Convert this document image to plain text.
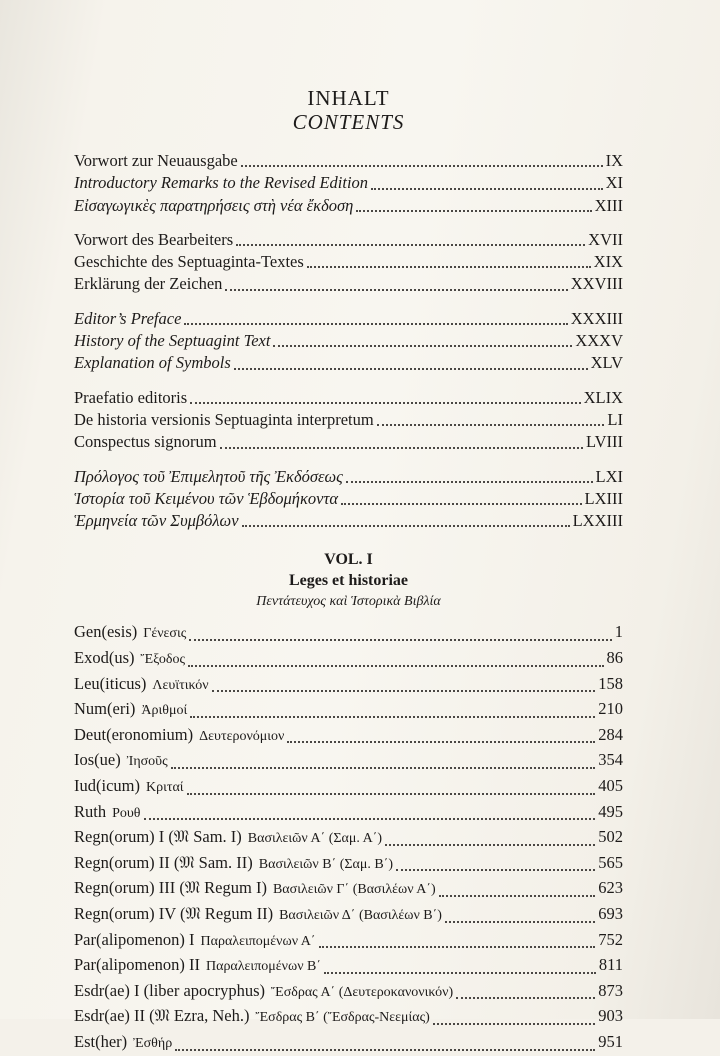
INHALT
CONTENTS
Vorwort zur Neuausgabe	IX
Introductory Remarks to the Revised Edition	XI
Εἰσαγωγικὲς παρατηρήσεις στὴ νέα ἔκδοση	XIII
Vorwort des Bearbeiters	XVII
Geschichte des Septuaginta-Textes	XIX
Erklärung der Zeichen	XXVIII
Editor’s Preface	XXXIII
History of the Septuagint Text	XXXV
Explanation of Symbols	XLV
Praefatio editoris	XLIX
De historia versionis Septuaginta interpretum	LI
Conspectus signorum	LVIII
Πρόλογος τοῦ Ἐπιμελητοῦ τῆς Ἐκδόσεως	LXI
Ἱστορία τοῦ Κειμένου τῶν Ἑβδομήκοντα	LXIII
Ἑρμηνεία τῶν Συμβόλων	LXXIII
VOL. I
Leges et historiae
Πεντάτευχος καὶ Ἱστορικὰ Βιβλία
Gen(esis) Γένεσις	1
Exod(us) Ἔξοδος	86
Leu(iticus) Λευϊτικόν	158
Num(eri) Ἀριθμοί	210
Deut(eronomium) Δευτερονόμιον	284
Ios(ue) Ἰησοῦς	354
Iud(icum) Κριταί	405
Ruth Ρουθ	495
Regn(orum) I (𝔐 Sam. I) Βασιλειῶν Α΄ (Σαμ. Α΄)	502
Regn(orum) II (𝔐 Sam. II) Βασιλειῶν Β΄ (Σαμ. Β΄)	565
Regn(orum) III (𝔐 Regum I) Βασιλειῶν Γ΄ (Βασιλέων Α΄)	623
Regn(orum) IV (𝔐 Regum II) Βασιλειῶν Δ΄ (Βασιλέων Β΄)	693
Par(alipomenon) I Παραλειπομένων Α΄	752
Par(alipomenon) II Παραλειπομένων Β΄	811
Esdr(ae) I (liber apocryphus) Ἔσδρας Α΄ (Δευτεροκανονικόν)	873
Esdr(ae) II (𝔐 Ezra, Neh.) Ἔσδρας Β΄ (Ἔσδρας-Νεεμίας)	903
Est(her) Ἐσθήρ	951
